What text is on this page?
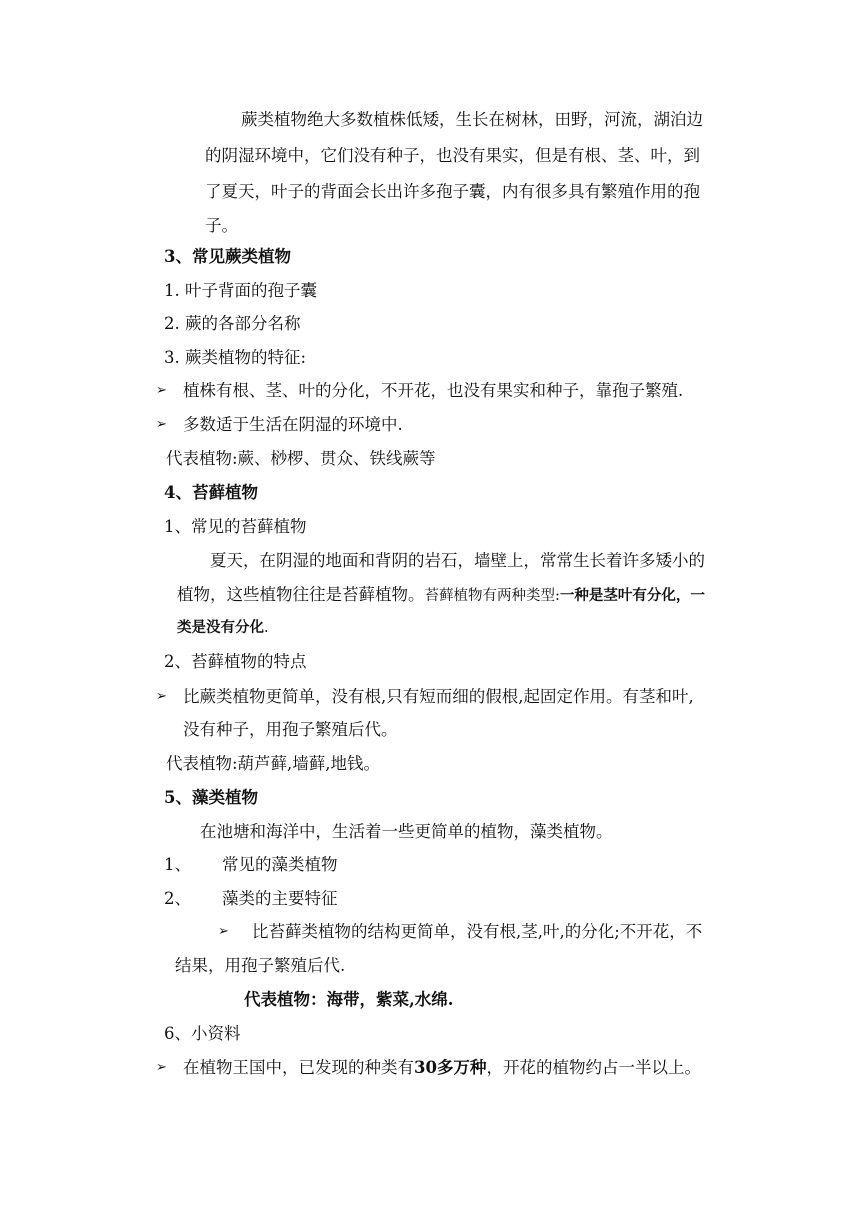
蕨类植物绝大多数植株低矮，生长在树林，田野，河流，湖泊边
的阴湿环境中，它们没有种子，也没有果实，但是有根、茎、叶，到
了夏天，叶子的背面会长出许多孢子囊，内有很多具有繁殖作用的孢
子。
3、常见蕨类植物
1. 叶子背面的孢子囊
2. 蕨的各部分名称
3. 蕨类植物的特征:
➢ 植株有根、茎、叶的分化，不开花，也没有果实和种子，靠孢子繁殖.
➢ 多数适于生活在阴湿的环境中.
代表植物:蕨、桫椤、贯众、铁线蕨等
4、苔藓植物
1、常见的苔藓植物
夏天，在阴湿的地面和背阴的岩石，墙壁上，常常生长着许多矮小的
植物，这些植物往往是苔藓植物。苔藓植物有两种类型:一种是茎叶有分化，一
类是没有分化.
2、苔藓植物的特点
➢ 比蕨类植物更简单，没有根,只有短而细的假根,起固定作用。有茎和叶,
没有种子，用孢子繁殖后代。
代表植物:葫芦藓,墙藓,地钱。
5、藻类植物
在池塘和海洋中，生活着一些更简单的植物，藻类植物。
1、 常见的藻类植物
2、 藻类的主要特征
➢ 比苔藓类植物的结构更简单，没有根,茎,叶,的分化;不开花，不
结果，用孢子繁殖后代.
代表植物：海带，紫菜,水绵.
6、小资料
➢ 在植物王国中，已发现的种类有30多万种，开花的植物约占一半以上。
